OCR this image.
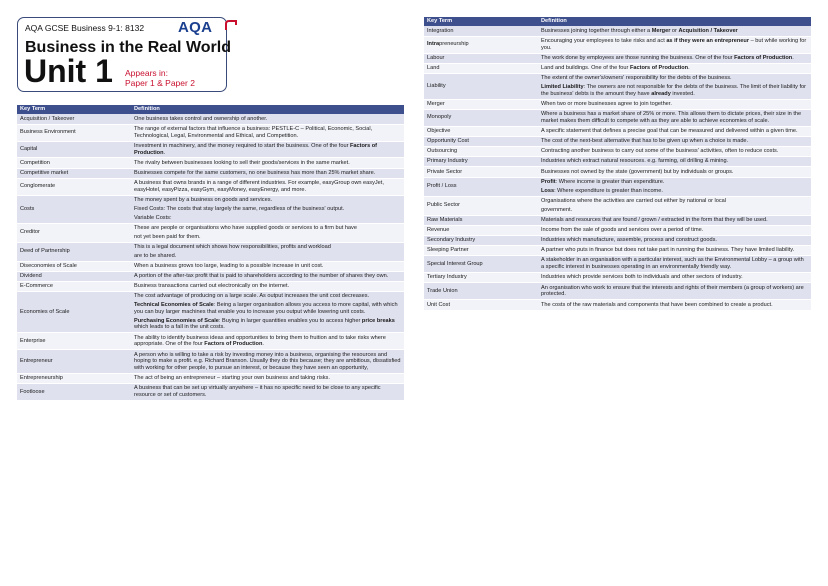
AQA GCSE Business 9-1: 8132 AQA
Business in the Real World
Unit 1 Appears in:
Paper 1 & Paper 2
Key Term	Definition
Acquisition / Takeover	One business takes control and ownership of another.

Business Environment	The range of external factors that influence a business: PESTLE-C – Political, Economic, Social, Technological, Legal, Environmental and Ethical, and Competition.

Capital	Investment in machinery, and the money required to start the business. One of the four Factors of Production.

Competition	The rivalry between businesses looking to sell their goods/services in the same market.

Competitive market	Businesses compete for the same customers, no one business has more than 25% market share.

Conglomerate	A business that owns brands in a range of different industries. For example, easyGroup own easyJet, easyHotel, easyPizza, easyGym, easyMoney, easyEnergy, and more.

Costs	The money spent by a business on goods and services.
Fixed Costs: The costs that stay largely the same, regardless of the business' output.
Variable Costs:

Creditor	These are people or organisations who have supplied goods or services to a firm but have
not yet been paid for them.

Deed of Partnership	This is a legal document which shows how responsibilities, profits and workload
are to be shared.

Diseconomies of Scale	When a business grows too large, leading to a possible increase in unit cost.

Dividend	A portion of the after-tax profit that is paid to shareholders according to the number of shares they own.

E-Commerce	Business transactions carried out electronically on the internet.

Economies of Scale	The cost advantage of producing on a large scale. As output increases the unit cost decreases.
Technical Economies of Scale: Being a larger organisation allows you access to more capital, with which you can buy larger machines that enable you to increase you output while lowering unit costs.
Purchasing Economies of Scale: Buying in larger quantities enables you to access higher price breaks which leads to a fall in the unit costs.

Enterprise	The ability to identify business ideas and opportunities to bring them to fruition and to take risks where appropriate. One of the four Factors of Production.

Entrepreneur	A person who is willing to take a risk by investing money into a business, organising the resources and hoping to make a profit. e.g. Richard Branson. Usually they do this because; they are ambitious, dissatisfied with working for other people, to pursue an interest, or because they have seen an opportunity,

Entrepreneurship	The act of being an entrepreneur – starting your own business and taking risks.

Footloose	A business that can be set up virtually anywhere – it has no specific need to be close to any specific resource or set of customers.
Key Term	Definition
Integration	Businesses joining together through either a Merger or Acquisition / Takeover

Intrapreneurship	Encouraging your employees to take risks and act as if they were an entrepreneur – but while working for you.

Labour	The work done by employees are those running the business. One of the four Factors of Production.

Land	Land and buildings. One of the four Factors of Production.

Liability	The extent of the owner's/owners' responsibility for the debts of the business.
Limited Liability: The owners are not responsible for the debts of the business. The limit of their liability for the business' debts is the amount they have already invested.

Merger	When two or more businesses agree to join together.

Monopoly	Where a business has a market share of 25% or more. This allows them to dictate prices, their size in the market makes them difficult to compete with as they are able to achieve economies of scale.

Objective	A specific statement that defines a precise goal that can be measured and delivered within a given time.

Opportunity Cost	The cost of the next-best alternative that has to be given up when a choice is made.

Outsourcing	Contracting another business to carry out some of the business' activities, often to reduce costs.

Primary Industry	Industries which extract natural resources. e.g. farming, oil drilling & mining.

Private Sector	Businesses not owned by the state (government) but by individuals or groups.

Profit / Loss	Profit: Where income is greater than expenditure.
Loss: Where expenditure is greater than income.

Public Sector	Organisations where the activities are carried out either by national or local
government.

Raw Materials	Materials and resources that are found / grown / extracted in the form that they will be used.

Revenue	Income from the sale of goods and services over a period of time.

Secondary Industry	Industries which manufacture, assemble, process and construct goods.

Sleeping Partner	A partner who puts in finance but does not take part in running the business. They have limited liability.

Special Interest Group	A stakeholder in an organisation with a particular interest, such as the Environmental Lobby – a group with a specific interest in businesses operating in an environmentally friendly way.

Tertiary Industry	Industries which provide services both to individuals and other sectors of industry.

Trade Union	An organisation who work to ensure that the interests and rights of their members (a group of workers) are protected.

Unit Cost	The costs of the raw materials and components that have been combined to create a product.
